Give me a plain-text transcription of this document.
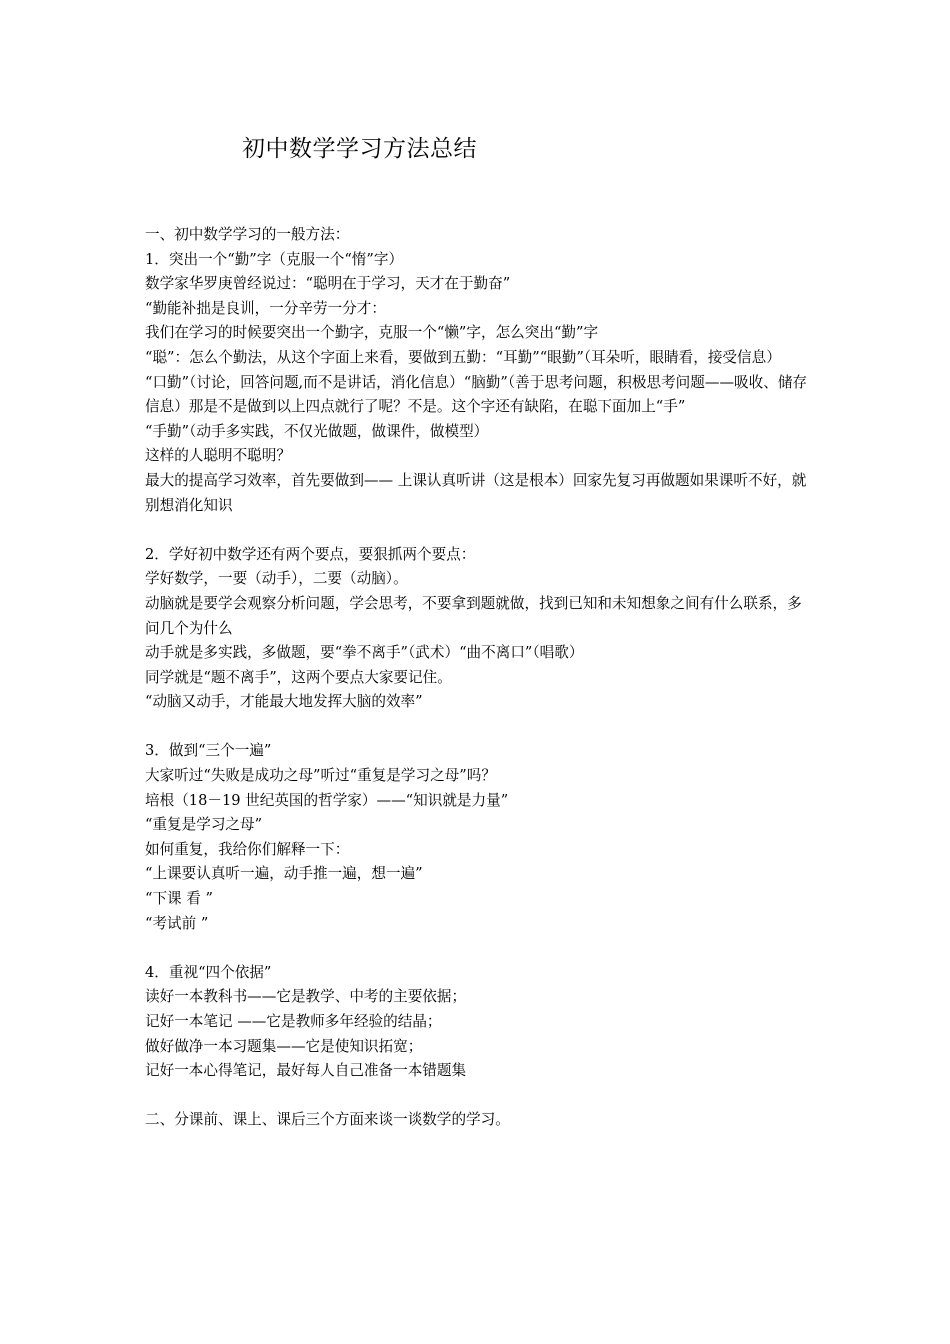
初中数学学习方法总结

一、初中数学学习的一般方法：

1．突出一个“勤”字（克服一个“惰”字）

数学家华罗庚曾经说过：“聪明在于学习，天才在于勤奋”

“勤能补拙是良训，一分辛劳一分才：

我们在学习的时候要突出一个勤字，克服一个“懒”字，怎么突出“勤”字

“聪”：怎么个勤法，从这个字面上来看，要做到五勤：“耳勤”“眼勤”（耳朵听，眼睛看，接受信息）

“口勤”（讨论，回答问题,而不是讲话，消化信息）“脑勤”（善于思考问题，积极思考问题——吸收、储存信息）那是不是做到以上四点就行了呢？不是。这个字还有缺陷，在聪下面加上“手”

“手勤”（动手多实践，不仅光做题，做课件，做模型）

这样的人聪明不聪明？

最大的提高学习效率，首先要做到—— 上课认真听讲（这是根本）回家先复习再做题如果课听不好，就别想消化知识

2．学好初中数学还有两个要点，要狠抓两个要点：

学好数学，一要（动手），二要（动脑）。

动脑就是要学会观察分析问题，学会思考，不要拿到题就做，找到已知和未知想象之间有什么联系，多问几个为什么

动手就是多实践，多做题，要“拳不离手”（武术）“曲不离口”（唱歌）

同学就是“题不离手”，这两个要点大家要记住。

“动脑又动手，才能最大地发挥大脑的效率”

3．做到“三个一遍”

大家听过“失败是成功之母”听过“重复是学习之母”吗？

培根（18－19 世纪英国的哲学家）——“知识就是力量”

“重复是学习之母”

如何重复，我给你们解释一下：

“上课要认真听一遍，动手推一遍，想一遍”

“下课 看 ”

“考试前 ”

4．重视“四个依据”

读好一本教科书——它是教学、中考的主要依据；

记好一本笔记 ——它是教师多年经验的结晶；

做好做净一本习题集——它是使知识拓宽；

记好一本心得笔记，最好每人自己准备一本错题集

二、分课前、课上、课后三个方面来谈一谈数学的学习。
